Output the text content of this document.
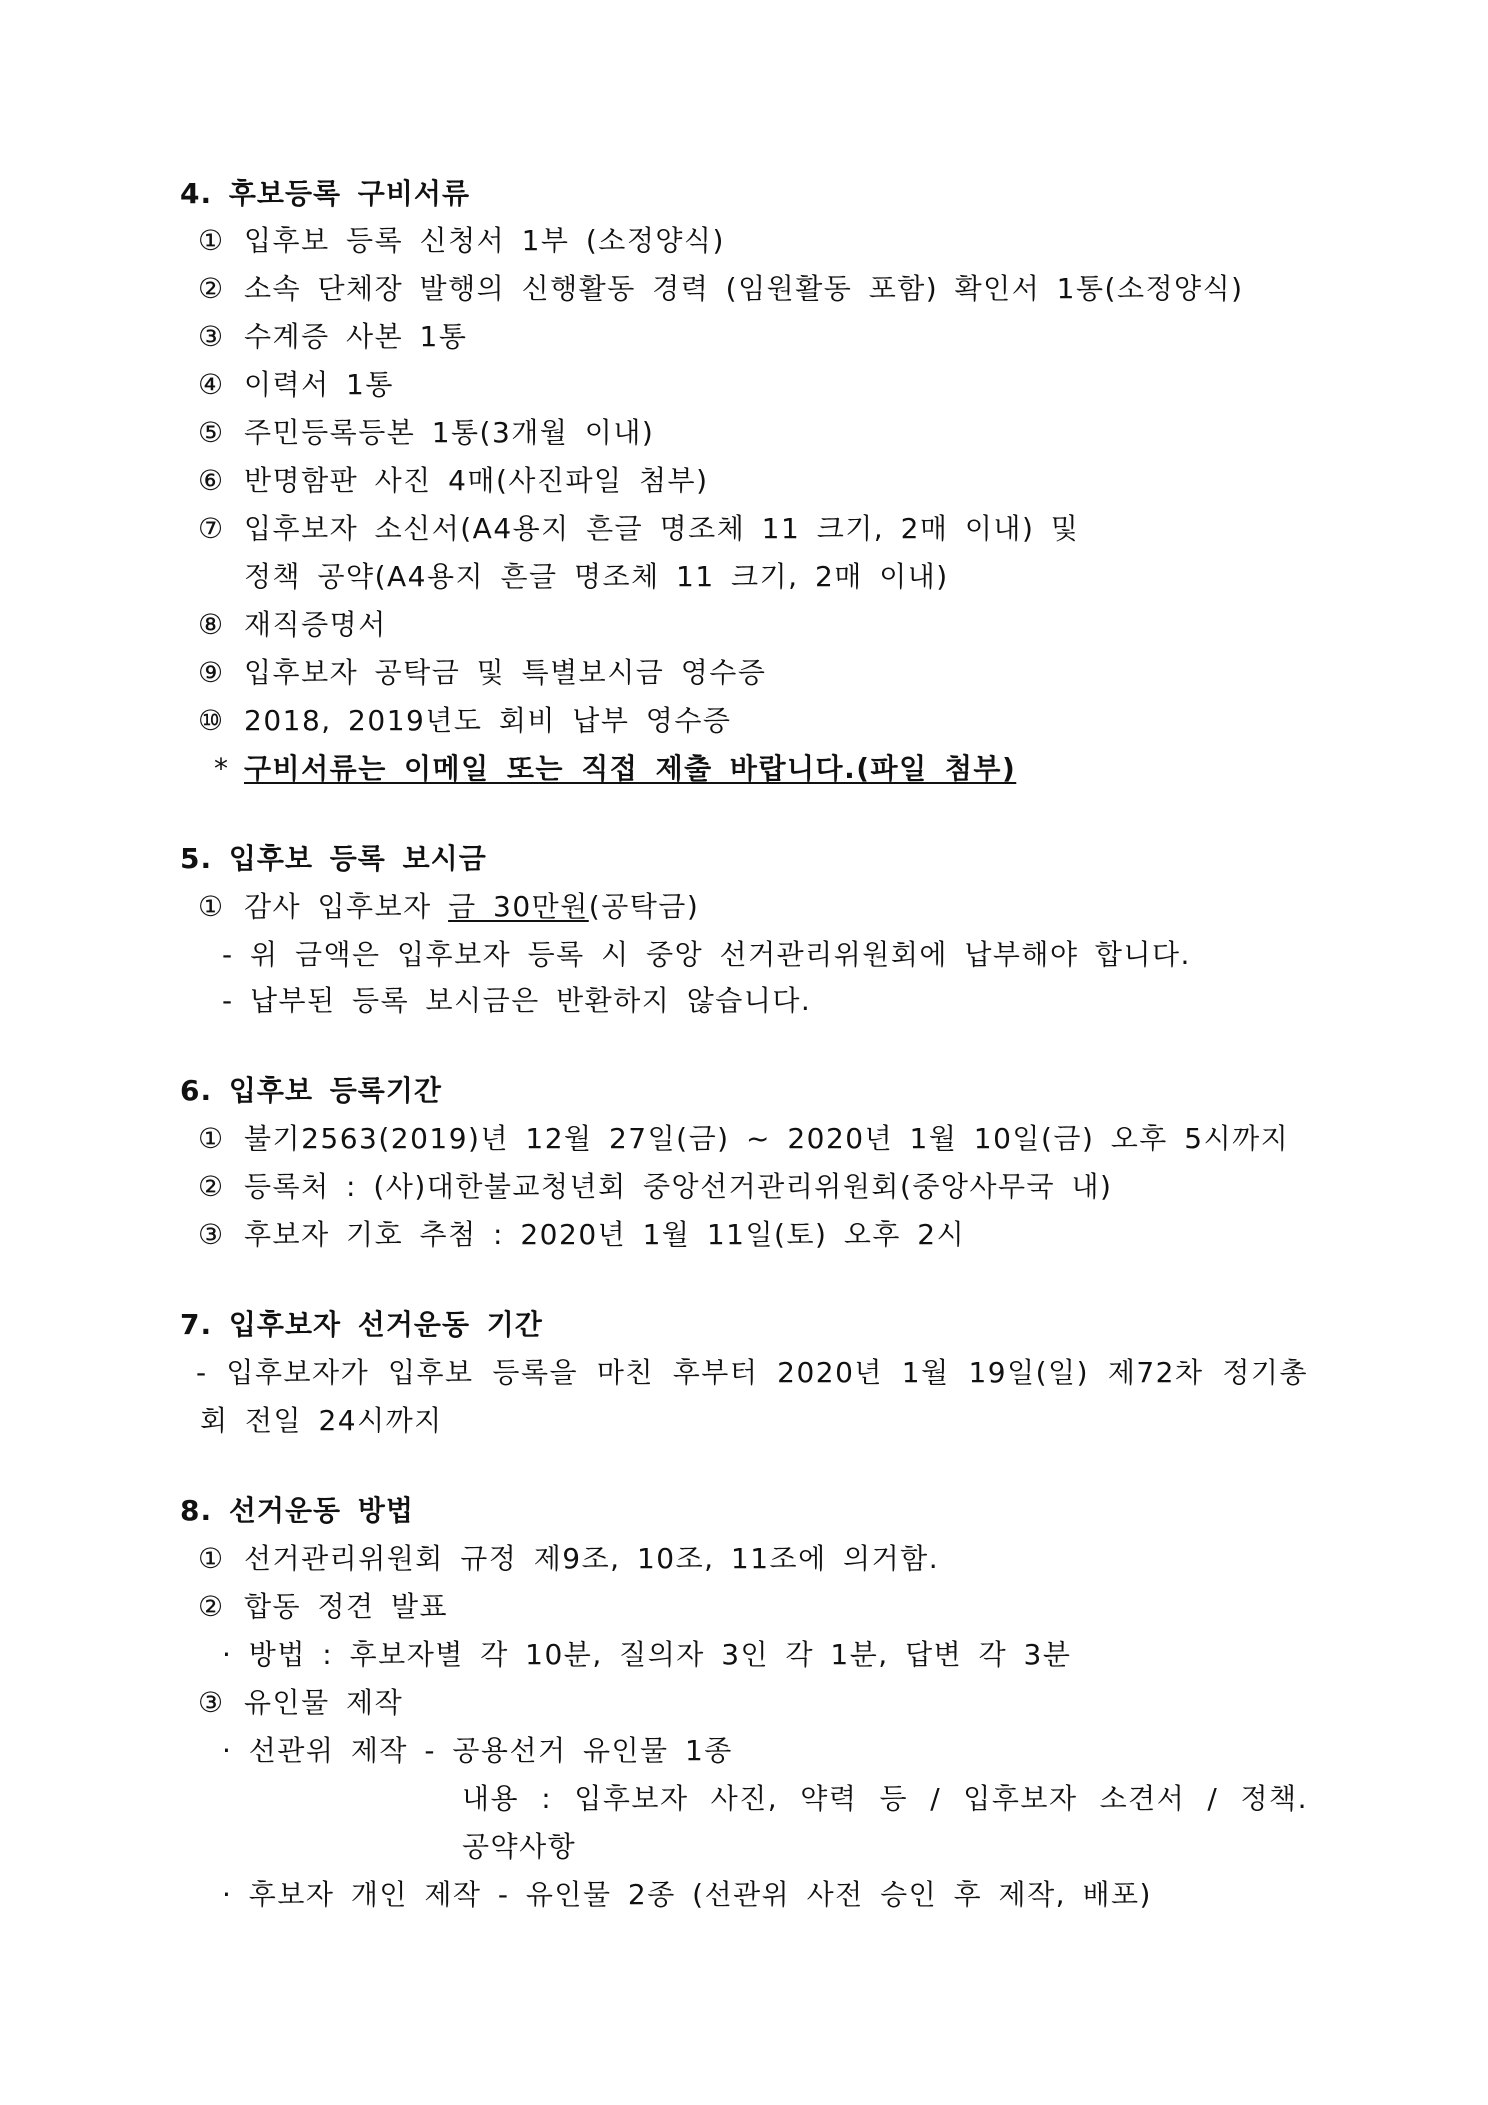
4. 후보등록 구비서류
① 입후보 등록 신청서 1부 (소정양식)
② 소속 단체장 발행의 신행활동 경력 (임원활동 포함) 확인서 1통(소정양식)
③ 수계증 사본 1통
④ 이력서 1통
⑤ 주민등록등본 1통(3개월 이내)
⑥ 반명함판 사진 4매(사진파일 첨부)
⑦ 입후보자 소신서(A4용지 흔글 명조체 11 크기, 2매 이내) 및
정책 공약(A4용지 흔글 명조체 11 크기, 2매 이내)
⑧ 재직증명서
⑨ 입후보자 공탁금 및 특별보시금 영수증
⑩ 2018, 2019년도 회비 납부 영수증
* 구비서류는 이메일 또는 직접 제출 바랍니다.(파일 첨부)
5. 입후보 등록 보시금
① 감사 입후보자 금 30만원(공탁금)
- 위 금액은 입후보자 등록 시 중앙 선거관리위원회에 납부해야 합니다.
- 납부된 등록 보시금은 반환하지 않습니다.
6. 입후보 등록기간
① 불기2563(2019)년 12월 27일(금) ~ 2020년 1월 10일(금) 오후 5시까지
② 등록처 : (사)대한불교청년회 중앙선거관리위원회(중앙사무국 내)
③ 후보자 기호 추첨 : 2020년 1월 11일(토) 오후 2시
7. 입후보자 선거운동 기간
- 입후보자가 입후보 등록을 마친 후부터 2020년 1월 19일(일) 제72차 정기총
회 전일 24시까지
8. 선거운동 방법
① 선거관리위원회 규정 제9조, 10조, 11조에 의거함.
② 합동 정견 발표
· 방법 : 후보자별 각 10분, 질의자 3인 각 1분, 답변 각 3분
③ 유인물 제작
· 선관위 제작 - 공용선거 유인물 1종
내용 : 입후보자 사진, 약력 등 / 입후보자 소견서 / 정책.
공약사항
· 후보자 개인 제작 - 유인물 2종 (선관위 사전 승인 후 제작, 배포)
